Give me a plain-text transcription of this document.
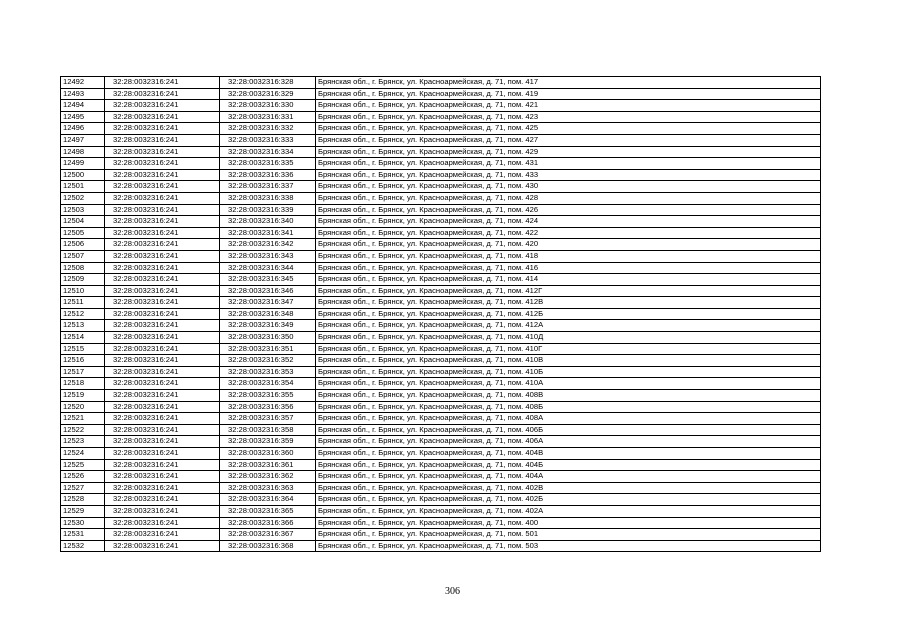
12492	32:28:0032316:241	32:28:0032316:328	Брянская обл., г. Брянск, ул. Красноармейская, д. 71, пом. 417
12493	32:28:0032316:241	32:28:0032316:329	Брянская обл., г. Брянск, ул. Красноармейская, д. 71, пом. 419
12494	32:28:0032316:241	32:28:0032316:330	Брянская обл., г. Брянск, ул. Красноармейская, д. 71, пом. 421
12495	32:28:0032316:241	32:28:0032316:331	Брянская обл., г. Брянск, ул. Красноармейская, д. 71, пом. 423
12496	32:28:0032316:241	32:28:0032316:332	Брянская обл., г. Брянск, ул. Красноармейская, д. 71, пом. 425
12497	32:28:0032316:241	32:28:0032316:333	Брянская обл., г. Брянск, ул. Красноармейская, д. 71, пом. 427
12498	32:28:0032316:241	32:28:0032316:334	Брянская обл., г. Брянск, ул. Красноармейская, д. 71, пом. 429
12499	32:28:0032316:241	32:28:0032316:335	Брянская обл., г. Брянск, ул. Красноармейская, д. 71, пом. 431
12500	32:28:0032316:241	32:28:0032316:336	Брянская обл., г. Брянск, ул. Красноармейская, д. 71, пом. 433
12501	32:28:0032316:241	32:28:0032316:337	Брянская обл., г. Брянск, ул. Красноармейская, д. 71, пом. 430
12502	32:28:0032316:241	32:28:0032316:338	Брянская обл., г. Брянск, ул. Красноармейская, д. 71, пом. 428
12503	32:28:0032316:241	32:28:0032316:339	Брянская обл., г. Брянск, ул. Красноармейская, д. 71, пом. 426
12504	32:28:0032316:241	32:28:0032316:340	Брянская обл., г. Брянск, ул. Красноармейская, д. 71, пом. 424
12505	32:28:0032316:241	32:28:0032316:341	Брянская обл., г. Брянск, ул. Красноармейская, д. 71, пом. 422
12506	32:28:0032316:241	32:28:0032316:342	Брянская обл., г. Брянск, ул. Красноармейская, д. 71, пом. 420
12507	32:28:0032316:241	32:28:0032316:343	Брянская обл., г. Брянск, ул. Красноармейская, д. 71, пом. 418
12508	32:28:0032316:241	32:28:0032316:344	Брянская обл., г. Брянск, ул. Красноармейская, д. 71, пом. 416
12509	32:28:0032316:241	32:28:0032316:345	Брянская обл., г. Брянск, ул. Красноармейская, д. 71, пом. 414
12510	32:28:0032316:241	32:28:0032316:346	Брянская обл., г. Брянск, ул. Красноармейская, д. 71, пом. 412Г
12511	32:28:0032316:241	32:28:0032316:347	Брянская обл., г. Брянск, ул. Красноармейская, д. 71, пом. 412В
12512	32:28:0032316:241	32:28:0032316:348	Брянская обл., г. Брянск, ул. Красноармейская, д. 71, пом. 412Б
12513	32:28:0032316:241	32:28:0032316:349	Брянская обл., г. Брянск, ул. Красноармейская, д. 71, пом. 412А
12514	32:28:0032316:241	32:28:0032316:350	Брянская обл., г. Брянск, ул. Красноармейская, д. 71, пом. 410Д
12515	32:28:0032316:241	32:28:0032316:351	Брянская обл., г. Брянск, ул. Красноармейская, д. 71, пом. 410Г
12516	32:28:0032316:241	32:28:0032316:352	Брянская обл., г. Брянск, ул. Красноармейская, д. 71, пом. 410В
12517	32:28:0032316:241	32:28:0032316:353	Брянская обл., г. Брянск, ул. Красноармейская, д. 71, пом. 410Б
12518	32:28:0032316:241	32:28:0032316:354	Брянская обл., г. Брянск, ул. Красноармейская, д. 71, пом. 410А
12519	32:28:0032316:241	32:28:0032316:355	Брянская обл., г. Брянск, ул. Красноармейская, д. 71, пом. 408В
12520	32:28:0032316:241	32:28:0032316:356	Брянская обл., г. Брянск, ул. Красноармейская, д. 71, пом. 408Б
12521	32:28:0032316:241	32:28:0032316:357	Брянская обл., г. Брянск, ул. Красноармейская, д. 71, пом. 408А
12522	32:28:0032316:241	32:28:0032316:358	Брянская обл., г. Брянск, ул. Красноармейская, д. 71, пом. 406Б
12523	32:28:0032316:241	32:28:0032316:359	Брянская обл., г. Брянск, ул. Красноармейская, д. 71, пом. 406А
12524	32:28:0032316:241	32:28:0032316:360	Брянская обл., г. Брянск, ул. Красноармейская, д. 71, пом. 404В
12525	32:28:0032316:241	32:28:0032316:361	Брянская обл., г. Брянск, ул. Красноармейская, д. 71, пом. 404Б
12526	32:28:0032316:241	32:28:0032316:362	Брянская обл., г. Брянск, ул. Красноармейская, д. 71, пом. 404А
12527	32:28:0032316:241	32:28:0032316:363	Брянская обл., г. Брянск, ул. Красноармейская, д. 71, пом. 402В
12528	32:28:0032316:241	32:28:0032316:364	Брянская обл., г. Брянск, ул. Красноармейская, д. 71, пом. 402Б
12529	32:28:0032316:241	32:28:0032316:365	Брянская обл., г. Брянск, ул. Красноармейская, д. 71, пом. 402А
12530	32:28:0032316:241	32:28:0032316:366	Брянская обл., г. Брянск, ул. Красноармейская, д. 71, пом. 400
12531	32:28:0032316:241	32:28:0032316:367	Брянская обл., г. Брянск, ул. Красноармейская, д. 71, пом. 501
12532	32:28:0032316:241	32:28:0032316:368	Брянская обл., г. Брянск, ул. Красноармейская, д. 71, пом. 503
306
